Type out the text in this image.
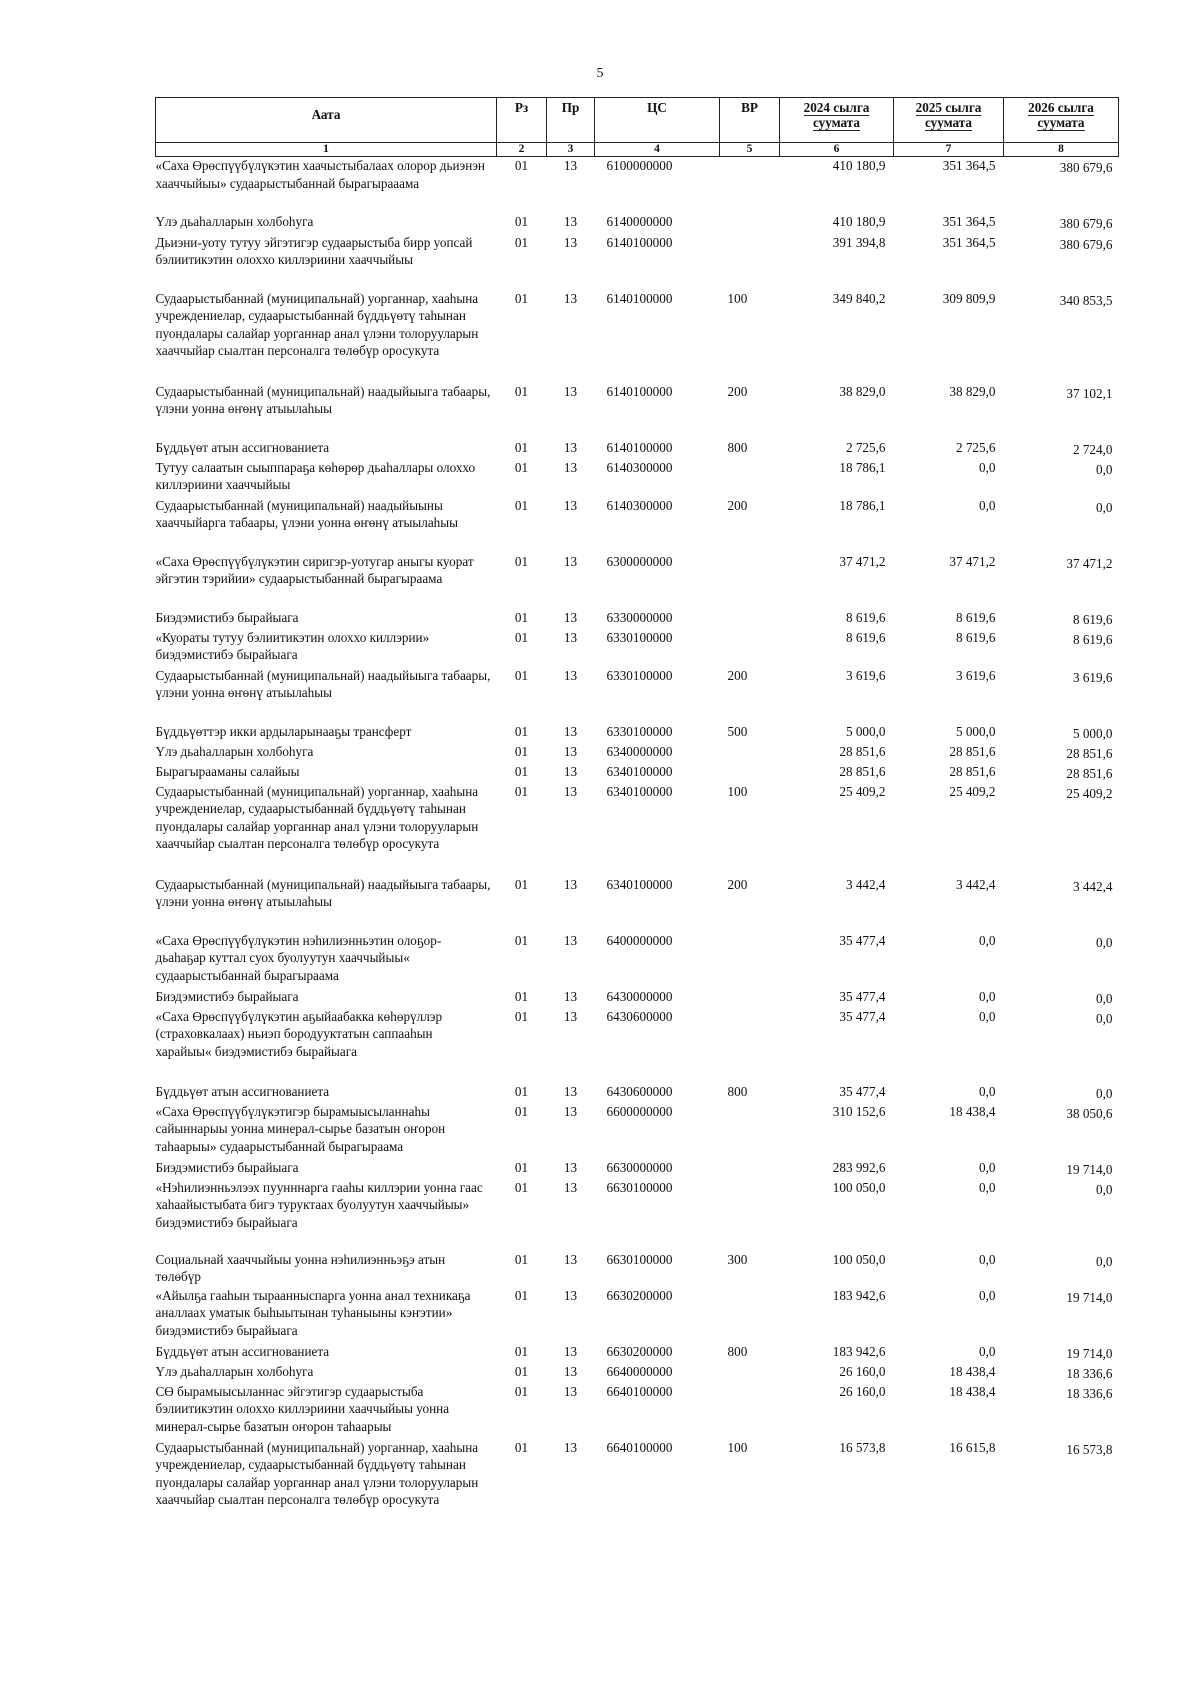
5
Аата	Рз	Пр	ЦС	ВР	2024 сылга суумата	2025 сылга суумата	2026 сылга суумата
1	2	3	4	5	6	7	8
«Саха Өрөспүүбүлүкэтин хаачыстыбалаах олорор дьиэнэн хааччыйыы» судаарыстыбаннай бырагырааама	01	13	6100000000		410 180,9	351 364,5	380 679,6
Үлэ дьаһалларын холбоһуга	01	13	6140000000		410 180,9	351 364,5	380 679,6
Дьиэни-уоту тутуу эйгэтигэр судаарыстыба бирр уопсай бэлиитикэтин олоххо киллэриини хааччыйыы	01	13	6140100000		391 394,8	351 364,5	380 679,6
Судаарыстыбаннай (муниципальнай) уорганнар, хааһына учреждениелар, судаарыстыбаннай бүддьүөтү таһынан пуондалары салайар уорганнар анал үлэни толорууларын хааччыйар сыалтан персоналга төлөбүр оросукута	01	13	6140100000	100	349 840,2	309 809,9	340 853,5
Судаарыстыбаннай (муниципальнай) наадыйыыга табаары, үлэни уонна өҥөнү атыылаһыы	01	13	6140100000	200	38 829,0	38 829,0	37 102,1
Бүддьүөт атын ассигнованиета	01	13	6140100000	800	2 725,6	2 725,6	2 724,0
Тутуу салаатын сыыппараҕа көһөрөр дьаһаллары олоххо киллэриини хааччыйыы	01	13	6140300000		18 786,1	0,0	0,0
Судаарыстыбаннай (муниципальнай) наадыйыыны хааччыйарга табаары, үлэни уонна өҥөнү атыылаһыы	01	13	6140300000	200	18 786,1	0,0	0,0
«Саха Өрөспүүбүлүкэтин сиригэр-уотугар аныгы куорат эйгэтин тэрийии» судаарыстыбаннай бырагыраама	01	13	6300000000		37 471,2	37 471,2	37 471,2
Биэдэмистибэ бырайыага	01	13	6330000000		8 619,6	8 619,6	8 619,6
«Куораты тутуу бэлиитикэтин олоххо киллэрии» биэдэмистибэ бырайыага	01	13	6330100000		8 619,6	8 619,6	8 619,6
Судаарыстыбаннай (муниципальнай) наадыйыыга табаары, үлэни уонна өҥөнү атыылаһыы	01	13	6330100000	200	3 619,6	3 619,6	3 619,6
Бүддьүөттэр икки ардыларынааҕы трансферт	01	13	6330100000	500	5 000,0	5 000,0	5 000,0
Үлэ дьаһалларын холбоһуга	01	13	6340000000		28 851,6	28 851,6	28 851,6
Бырагырааманы салайыы	01	13	6340100000		28 851,6	28 851,6	28 851,6
Судаарыстыбаннай (муниципальнай) уорганнар, хааһына учреждениелар, судаарыстыбаннай бүддьүөтү таһынан пуондалары салайар уорганнар анал үлэни толорууларын хааччыйар сыалтан персоналга төлөбүр оросукута	01	13	6340100000	100	25 409,2	25 409,2	25 409,2
Судаарыстыбаннай (муниципальнай) наадыйыыга табаары, үлэни уонна өҥөнү атыылаһыы	01	13	6340100000	200	3 442,4	3 442,4	3 442,4
«Саха Өрөспүүбүлүкэтин нэһилиэнньэтин олоҕор-дьаһаҕар куттал суох буолуутун хааччыйыы« судаарыстыбаннай бырагыраама	01	13	6400000000		35 477,4	0,0	0,0
Биэдэмистибэ бырайыага	01	13	6430000000		35 477,4	0,0	0,0
«Саха Өрөспүүбүлүкэтин аҕыйаабакка көһөрүллэр (страховкалаах) ньиэп бородууктатын саппааһын харайыы« биэдэмистибэ бырайыага	01	13	6430600000		35 477,4	0,0	0,0
Бүддьүөт атын ассигнованиета	01	13	6430600000	800	35 477,4	0,0	0,0
«Саха Өрөспүүбүлүкэтигэр бырамыысыланнаһы сайыннарыы уонна минерал-сырье базатын оҥорон таһаарыы» судаарыстыбаннай бырагыраама	01	13	6600000000		310 152,6	18 438,4	38 050,6
Биэдэмистибэ бырайыага	01	13	6630000000		283 992,6	0,0	19 714,0
«Нэһилиэнньэлээх пуунннарга гааһы киллэрии уонна гаас хаһаайыстыбата бигэ туруктаах буолуутун хааччыйыы» биэдэмистибэ бырайыага	01	13	6630100000		100 050,0	0,0	0,0
Социальнай хааччыйыы уонна нэһилиэнньэҕэ атын төлөбүр	01	13	6630100000	300	100 050,0	0,0	0,0
«Айылҕа гааһын тыраанныспарга уонна анал техникаҕа аналлаах уматык быһыытынан туһаныыны кэҥэтии» биэдэмистибэ бырайыага	01	13	6630200000		183 942,6	0,0	19 714,0
Бүддьүөт атын ассигнованиета	01	13	6630200000	800	183 942,6	0,0	19 714,0
Үлэ дьаһалларын холбоһуга	01	13	6640000000		26 160,0	18 438,4	18 336,6
СӨ бырамыысыланнас эйгэтигэр судаарыстыба бэлиитикэтин олоххо киллэриини хааччыйыы уонна минерал-сырье базатын оҥорон таһаарыы	01	13	6640100000		26 160,0	18 438,4	18 336,6
Судаарыстыбаннай (муниципальнай) уорганнар, хааһына учреждениелар, судаарыстыбаннай бүддьүөтү таһынан пуондалары салайар уорганнар анал үлэни толорууларын хааччыйар сыалтан персоналга төлөбүр оросукута	01	13	6640100000	100	16 573,8	16 615,8	16 573,8
